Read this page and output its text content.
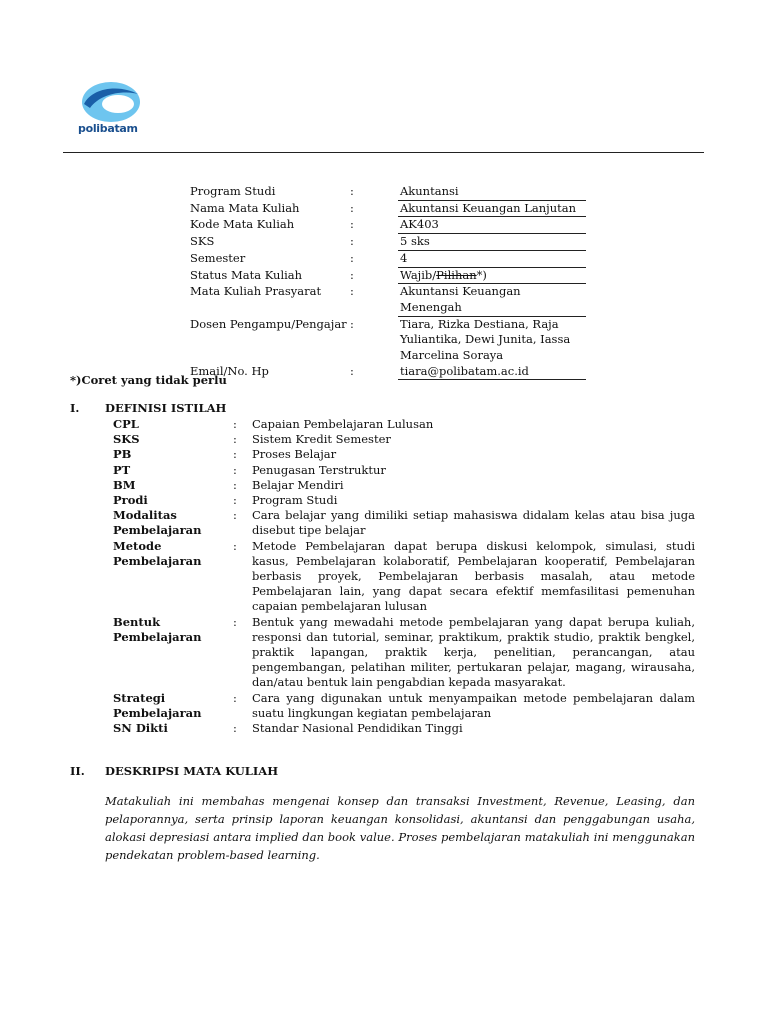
polibatam
Program Studi	:	Akuntansi
Nama Mata Kuliah	:	Akuntansi Keuangan Lanjutan
Kode Mata Kuliah	:	AK403
SKS	:	5 sks
Semester	:	4
Status Mata Kuliah	:	Wajib/Pilihan*)
Mata Kuliah Prasyarat	:	Akuntansi Keuangan Menengah
Dosen Pengampu/Pengajar :	Tiara, Rizka Destiana, Raja Yuliantika, Dewi Junita, Iassa Marcelina Soraya
Email/No. Hp	:	tiara@polibatam.ac.id
*)Coret yang tidak perlu
I. DEFINISI ISTILAH
CPL	:	Capaian Pembelajaran Lulusan
SKS	:	Sistem Kredit Semester
PB	:	Proses Belajar
PT	:	Penugasan Terstruktur
BM	:	Belajar Mendiri
Prodi	:	Program Studi
Modalitas Pembelajaran
:	Cara belajar yang dimiliki setiap mahasiswa didalam kelas atau bisa juga disebut tipe belajar
Metode Pembelajaran
:	Metode Pembelajaran dapat berupa diskusi kelompok, simulasi, studi kasus, Pembelajaran kolaboratif, Pembelajaran kooperatif, Pembelajaran berbasis proyek, Pembelajaran berbasis masalah, atau metode Pembelajaran lain, yang dapat secara efektif memfasilitasi pemenuhan capaian pembelajaran lulusan
Bentuk Pembelajaran
:	Bentuk yang mewadahi metode pembelajaran yang dapat berupa kuliah, responsi dan tutorial, seminar, praktikum, praktik studio, praktik bengkel, praktik lapangan, praktik kerja, penelitian, perancangan, atau pengembangan, pelatihan militer, pertukaran pelajar, magang, wirausaha, dan/atau bentuk lain pengabdian kepada masyarakat.
Strategi Pembelajaran
:	Cara yang digunakan untuk menyampaikan metode pembelajaran dalam suatu lingkungan kegiatan pembelajaran
SN Dikti	:	Standar Nasional Pendidikan Tinggi
II. DESKRIPSI MATA KULIAH
Matakuliah ini membahas mengenai konsep dan transaksi Investment, Revenue, Leasing, dan pelaporannya, serta prinsip laporan keuangan konsolidasi, akuntansi dan penggabungan usaha, alokasi depresiasi antara implied dan book value. Proses pembelajaran matakuliah ini menggunakan pendekatan problem-based learning.
